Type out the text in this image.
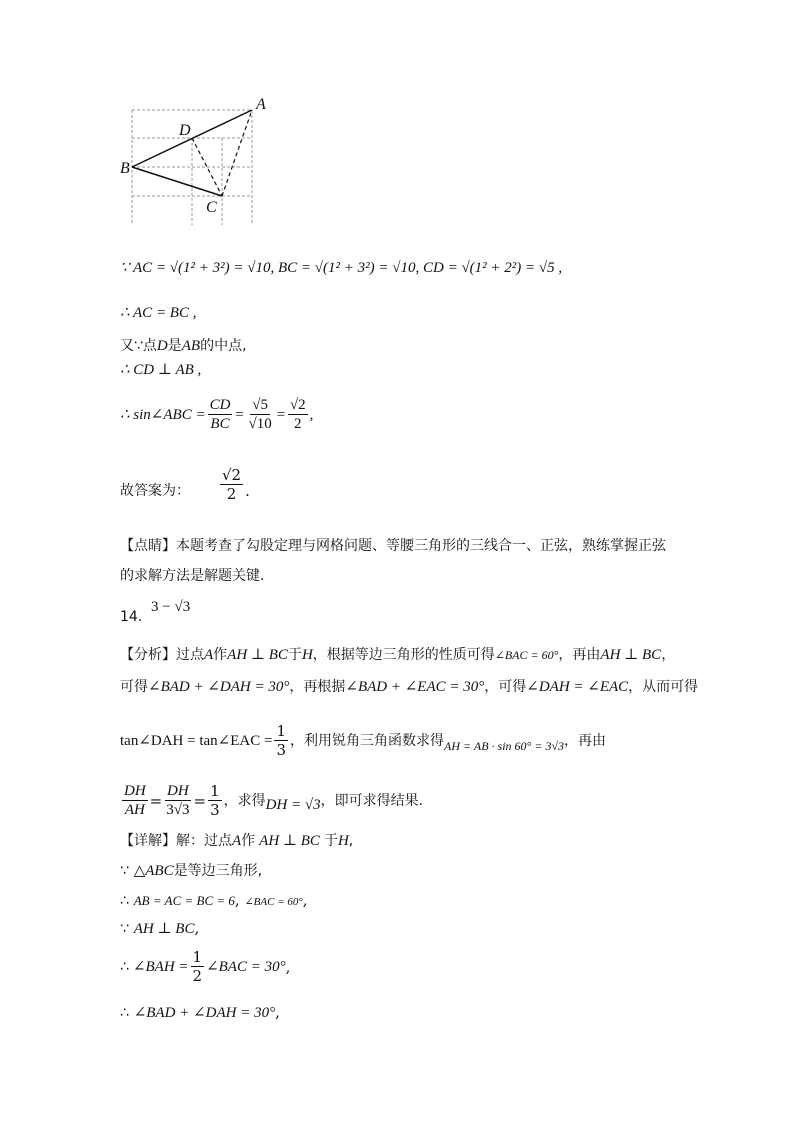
A
D
B
C
∵ AC = √(1² + 3²) = √10, BC = √(1² + 3²) = √10, CD = √(1² + 2²) = √5 ,
∴ AC = BC ,
又∵点D是AB的中点,
∴ CD ⊥ AB ,
∴ sin∠ABC = $\frac{CD}{BC} = \frac{√5}{√10} = \frac{√2}{2}$ ,
故答案为： $\frac{√2}{2}$ .
【点睛】本题考查了勾股定理与网格问题、等腰三角形的三线合一、正弦，熟练掌握正弦
的求解方法是解题关键.
14. 3 − √3
【分析】过点A作AH ⊥ BC于H，根据等边三角形的性质可得∠BAC = 60°，再由AH ⊥ BC，
可得∠BAD + ∠DAH = 30°，再根据∠BAD + ∠EAC = 30°，可得∠DAH = ∠EAC，从而可得
tan∠DAH = tan∠EAC = $\frac{1}{3}$ ，利用锐角三角函数求得 AH = AB · sin 60° = 3√3 ，再由
$\frac{DH}{AH} = \frac{DH}{3√3} = \frac{1}{3}$ ，求得 DH = √3 ，即可求得结果.
【详解】解：过点A作 AH ⊥ BC 于H,
∵ △ABC是等边三角形,
∴ AB = AC = BC = 6, ∠BAC = 60°,
∵ AH ⊥ BC,
∴ ∠BAH = $\frac{1}{2}$ ∠BAC = 30° ,
∴ ∠BAD + ∠DAH = 30°,
